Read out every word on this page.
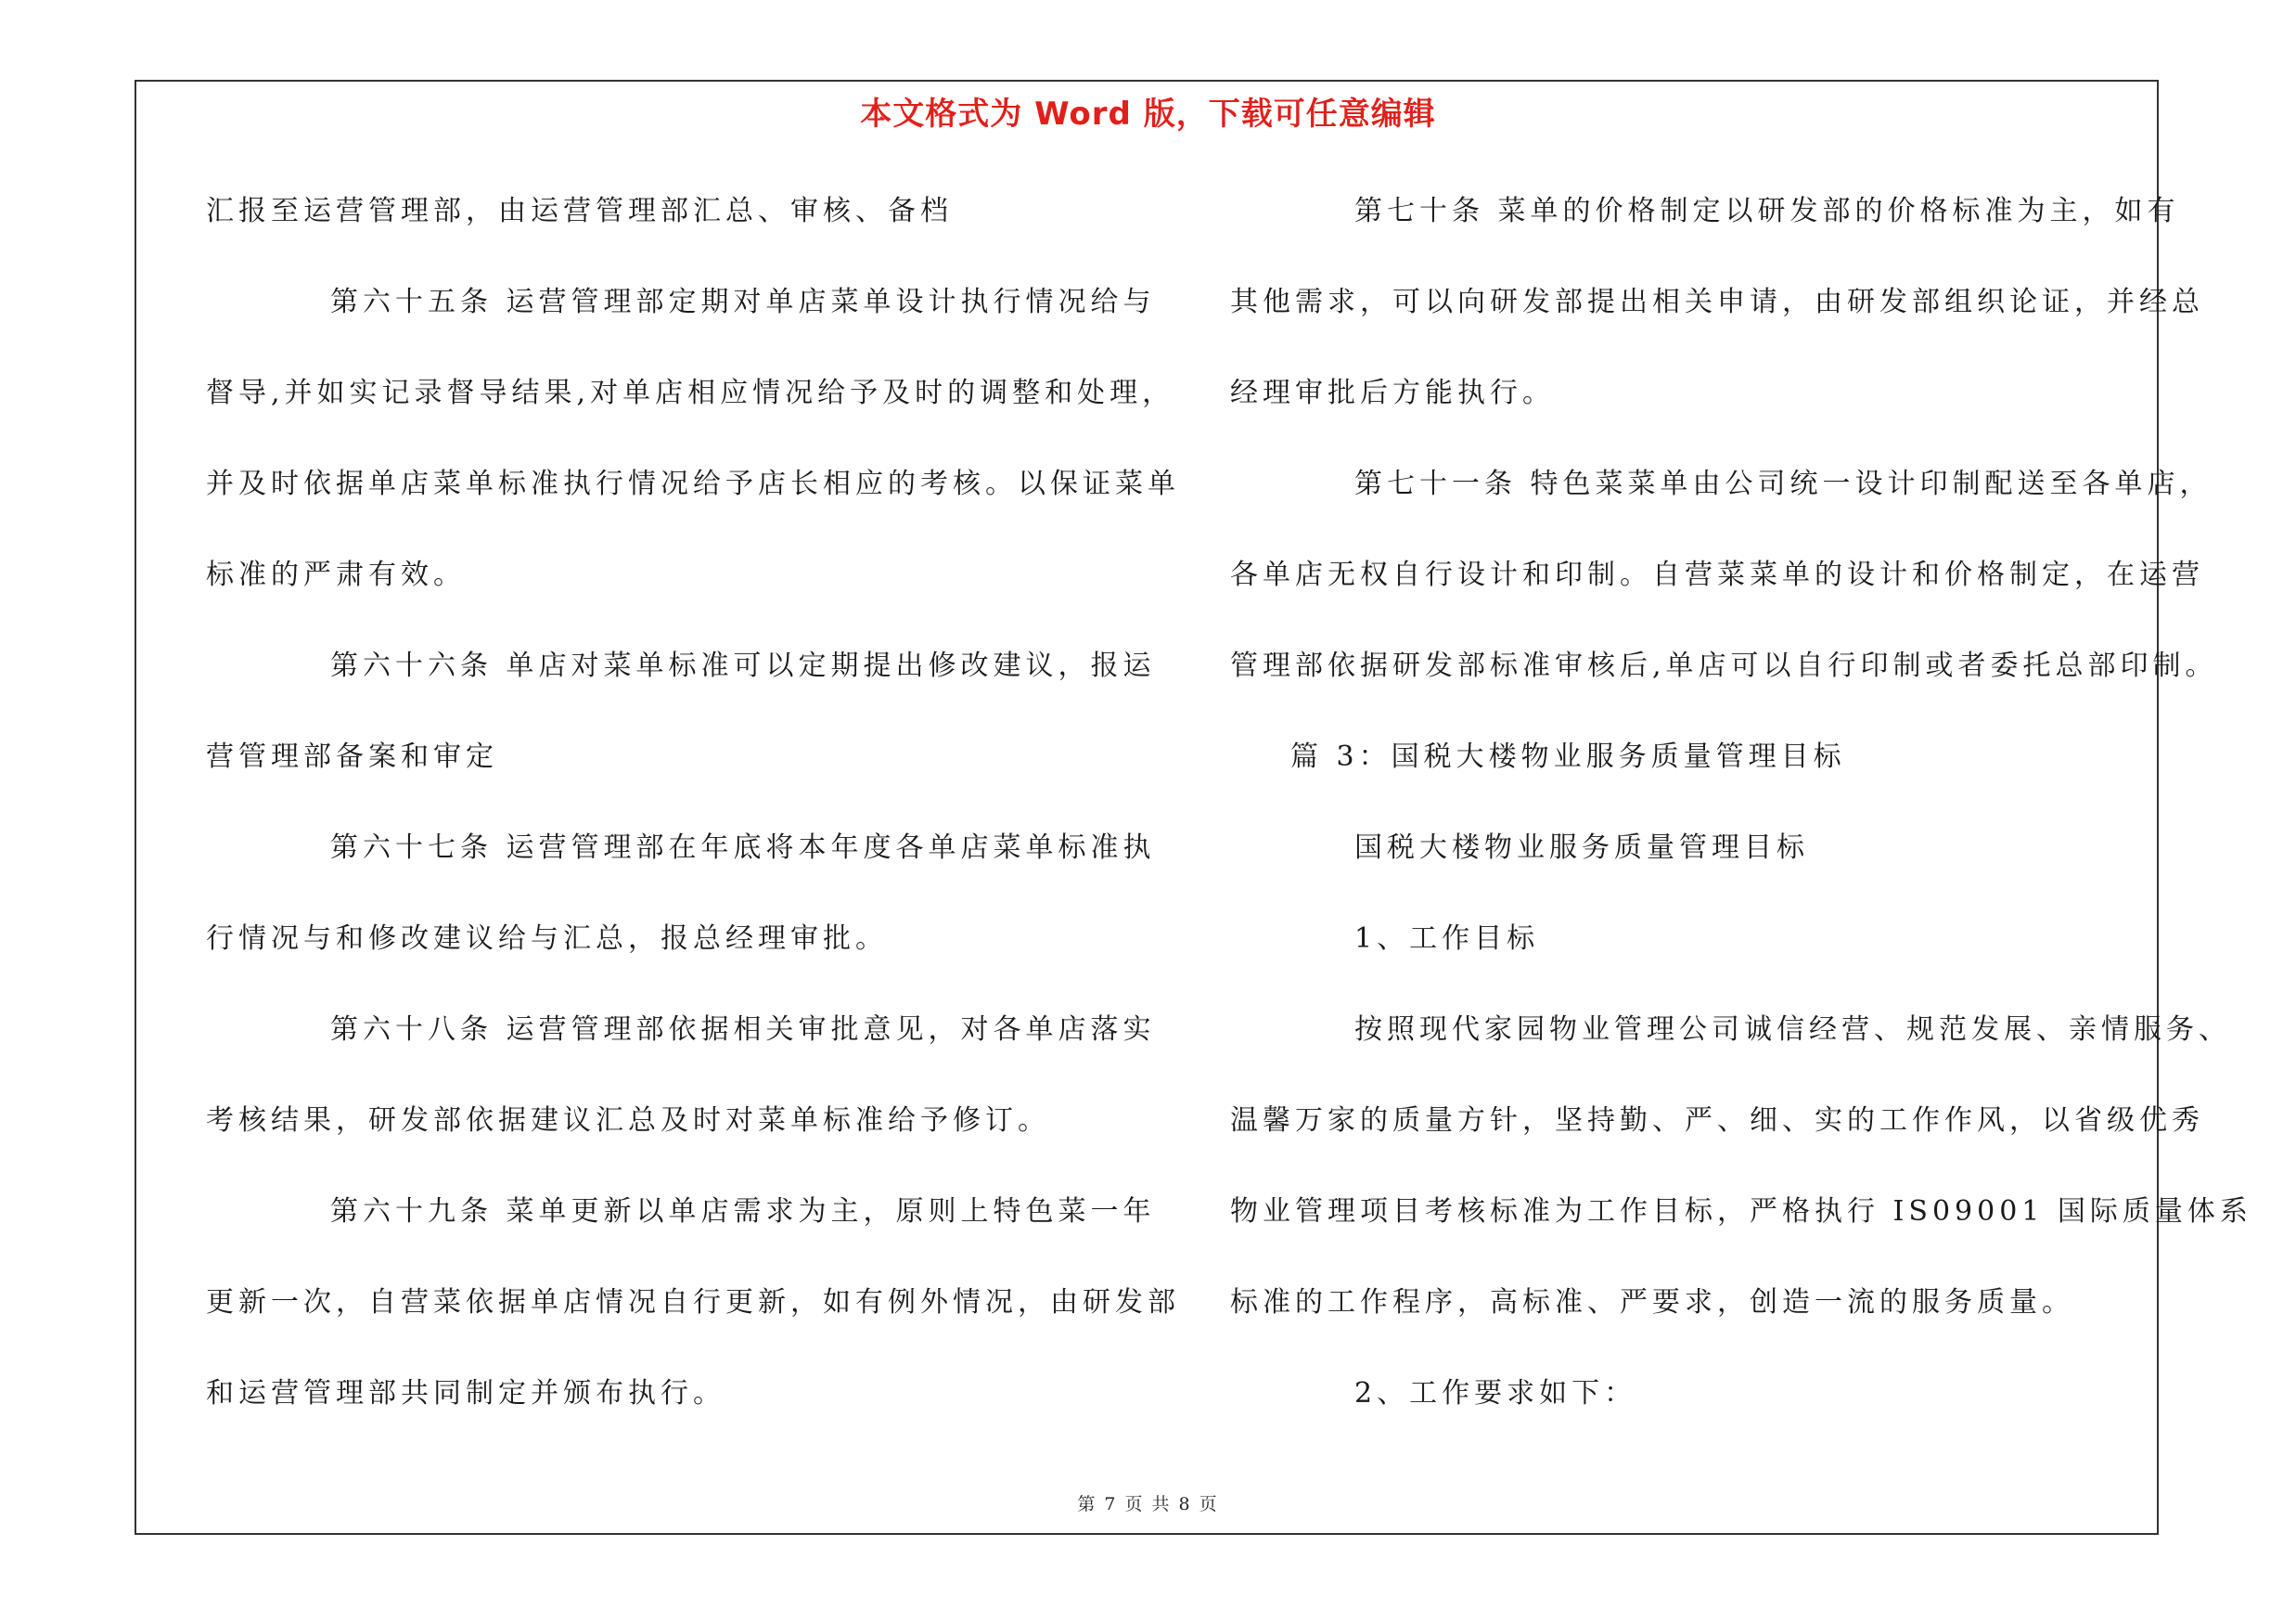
本文格式为 Word 版，下载可任意编辑
汇报至运营管理部，由运营管理部汇总、审核、备档
第六十五条 运营管理部定期对单店菜单设计执行情况给与
督导,并如实记录督导结果,对单店相应情况给予及时的调整和处理，
并及时依据单店菜单标准执行情况给予店长相应的考核。以保证菜单
标准的严肃有效。
第六十六条 单店对菜单标准可以定期提出修改建议，报运
营管理部备案和审定
第六十七条 运营管理部在年底将本年度各单店菜单标准执
行情况与和修改建议给与汇总，报总经理审批。
第六十八条 运营管理部依据相关审批意见，对各单店落实
考核结果，研发部依据建议汇总及时对菜单标准给予修订。
第六十九条 菜单更新以单店需求为主，原则上特色菜一年
更新一次，自营菜依据单店情况自行更新，如有例外情况，由研发部
和运营管理部共同制定并颁布执行。
第七十条 菜单的价格制定以研发部的价格标准为主，如有
其他需求，可以向研发部提出相关申请，由研发部组织论证，并经总
经理审批后方能执行。
第七十一条 特色菜菜单由公司统一设计印制配送至各单店，
各单店无权自行设计和印制。自营菜菜单的设计和价格制定，在运营
管理部依据研发部标准审核后,单店可以自行印制或者委托总部印制。
篇 3：国税大楼物业服务质量管理目标
国税大楼物业服务质量管理目标
1、工作目标
按照现代家园物业管理公司诚信经营、规范发展、亲情服务、
温馨万家的质量方针，坚持勤、严、细、实的工作作风，以省级优秀
物业管理项目考核标准为工作目标，严格执行 IS09001 国际质量体系
标准的工作程序，高标准、严要求，创造一流的服务质量。
2、工作要求如下：
第 7 页 共 8 页
